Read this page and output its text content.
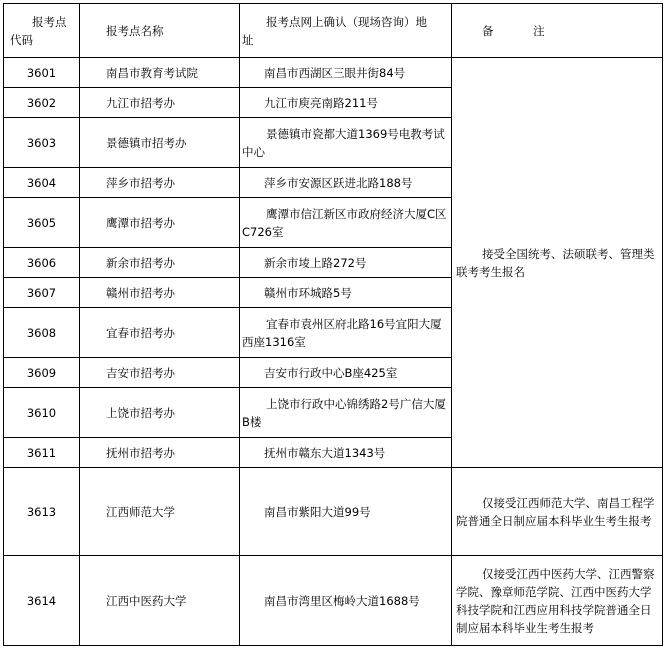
报考点
代码	报考点名称	报考点网上确认（现场咨询）地
址	备 注
3601	南昌市教育考试院	南昌市西湖区三眼井街84号	接受全国统考、法硕联考、管理类联考考生报名
3602	九江市招考办	九江市庾亮南路211号	
3603	景德镇市招考办	景德镇市瓷都大道1369号电教考试中心	
3604	萍乡市招考办	萍乡市安源区跃进北路188号	
3605	鹰潭市招考办	鹰潭市信江新区市政府经济大厦C区C726室	
3606	新余市招考办	新余市堎上路272号	
3607	赣州市招考办	赣州市环城路5号	
3608	宜春市招考办	宜春市袁州区府北路16号宜阳大厦西座1316室	
3609	吉安市招考办	吉安市行政中心B座425室	
3610	上饶市招考办	上饶市行政中心锦绣路2号广信大厦B楼	
3611	抚州市招考办	抚州市赣东大道1343号	
3613	江西师范大学	南昌市紫阳大道99号	仅接受江西师范大学、南昌工程学院普通全日制应届本科毕业生考生报考
3614	江西中医药大学	南昌市湾里区梅岭大道1688号	仅接受江西中医药大学、江西警察学院、豫章师范学院、江西中医药大学科技学院和江西应用科技学院普通全日制应届本科毕业生考生报考
